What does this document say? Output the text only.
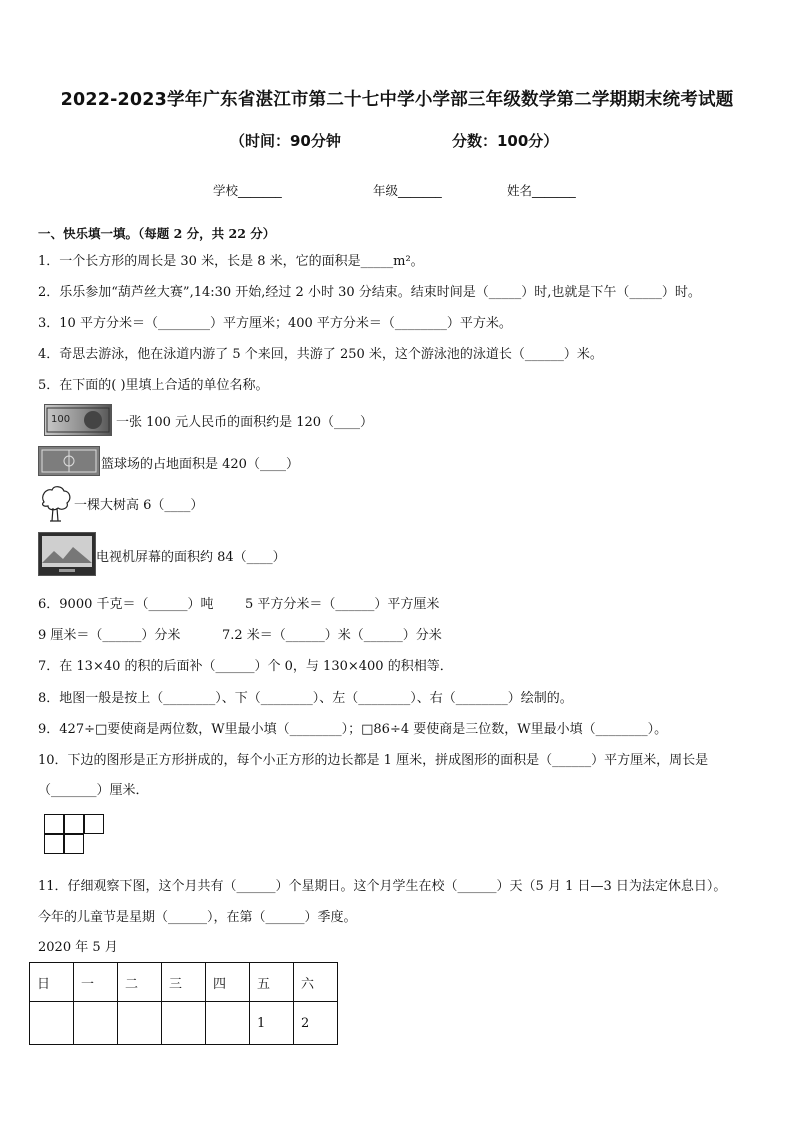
2022-2023学年广东省湛江市第二十七中学小学部三年级数学第二学期期末统考试题
（时间：90分钟	分数：100分）
学校_______	年级_______	姓名_______
一、快乐填一填。（每题 2 分，共 22 分）
1．一个长方形的周长是 30 米，长是 8 米，它的面积是_____m²。
2．乐乐参加“葫芦丝大赛”,14:30 开始,经过 2 小时 30 分结束。结束时间是（_____）时,也就是下午（_____）时。
3．10 平方分米＝（________）平方厘米；400 平方分米＝（________）平方米。
4．奇思去游泳，他在泳道内游了 5 个来回，共游了 250 米，这个游泳池的泳道长（______）米。
5．在下面的( )里填上合适的单位名称。
100	一张 100 元人民币的面积约是 120（____）
篮球场的占地面积是 420（____）
一棵大树高 6（____）
电视机屏幕的面积约 84（____）
6．9000 千克＝（______）吨 5 平方分米＝（______）平方厘米
9 厘米＝（______）分米	7.2 米＝（______）米（______）分米
7．在 13×40 的积的后面补（______）个 0，与 130×400 的积相等．
8．地图一般是按上（________）、下（________）、左（________）、右（________）绘制的。
9．427÷□要使商是两位数，W里最小填（________）；□86÷4 要使商是三位数，W里最小填（________）。
10．下边的图形是正方形拼成的，每个小正方形的边长都是 1 厘米，拼成图形的面积是（______）平方厘米，周长是
（_______）厘米．
11．仔细观察下图，这个月共有（______）个星期日。这个月学生在校（______）天（5 月 1 日—3 日为法定休息日）。
今年的儿童节是星期（______），在第（______）季度。
2020 年 5 月
日	一	二	三	四	五	六
					1	2
